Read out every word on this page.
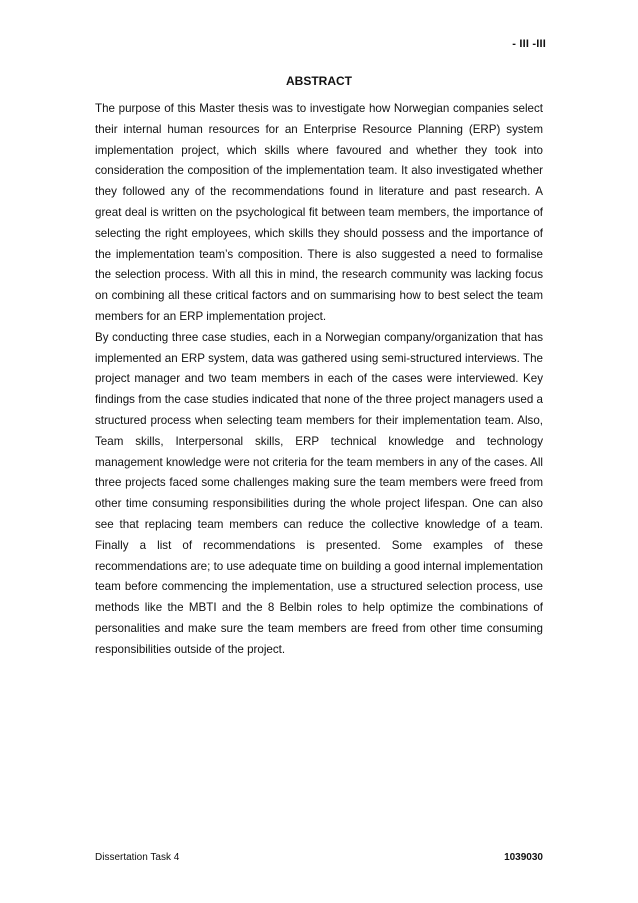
- III -III
ABSTRACT

The purpose of this Master thesis was to investigate how Norwegian companies select their internal human resources for an Enterprise Resource Planning (ERP) system implementation project, which skills where favoured and whether they took into consideration the composition of the implementation team. It also investigated whether they followed any of the recommendations found in literature and past research. A great deal is written on the psychological fit between team members, the importance of selecting the right employees, which skills they should possess and the importance of the implementation team’s composition. There is also suggested a need to formalise the selection process. With all this in mind, the research community was lacking focus on combining all these critical factors and on summarising how to best select the team members for an ERP implementation project.

By conducting three case studies, each in a Norwegian company/organization that has implemented an ERP system, data was gathered using semi-structured interviews. The project manager and two team members in each of the cases were interviewed. Key findings from the case studies indicated that none of the three project managers used a structured process when selecting team members for their implementation team. Also, Team skills, Interpersonal skills, ERP technical knowledge and technology management knowledge were not criteria for the team members in any of the cases. All three projects faced some challenges making sure the team members were freed from other time consuming responsibilities during the whole project lifespan. One can also see that replacing team members can reduce the collective knowledge of a team. Finally a list of recommendations is presented. Some examples of these recommendations are; to use adequate time on building a good internal implementation team before commencing the implementation, use a structured selection process, use methods like the MBTI and the 8 Belbin roles to help optimize the combinations of personalities and make sure the team members are freed from other time consuming responsibilities outside of the project.

Dissertation Task 4	1039030
